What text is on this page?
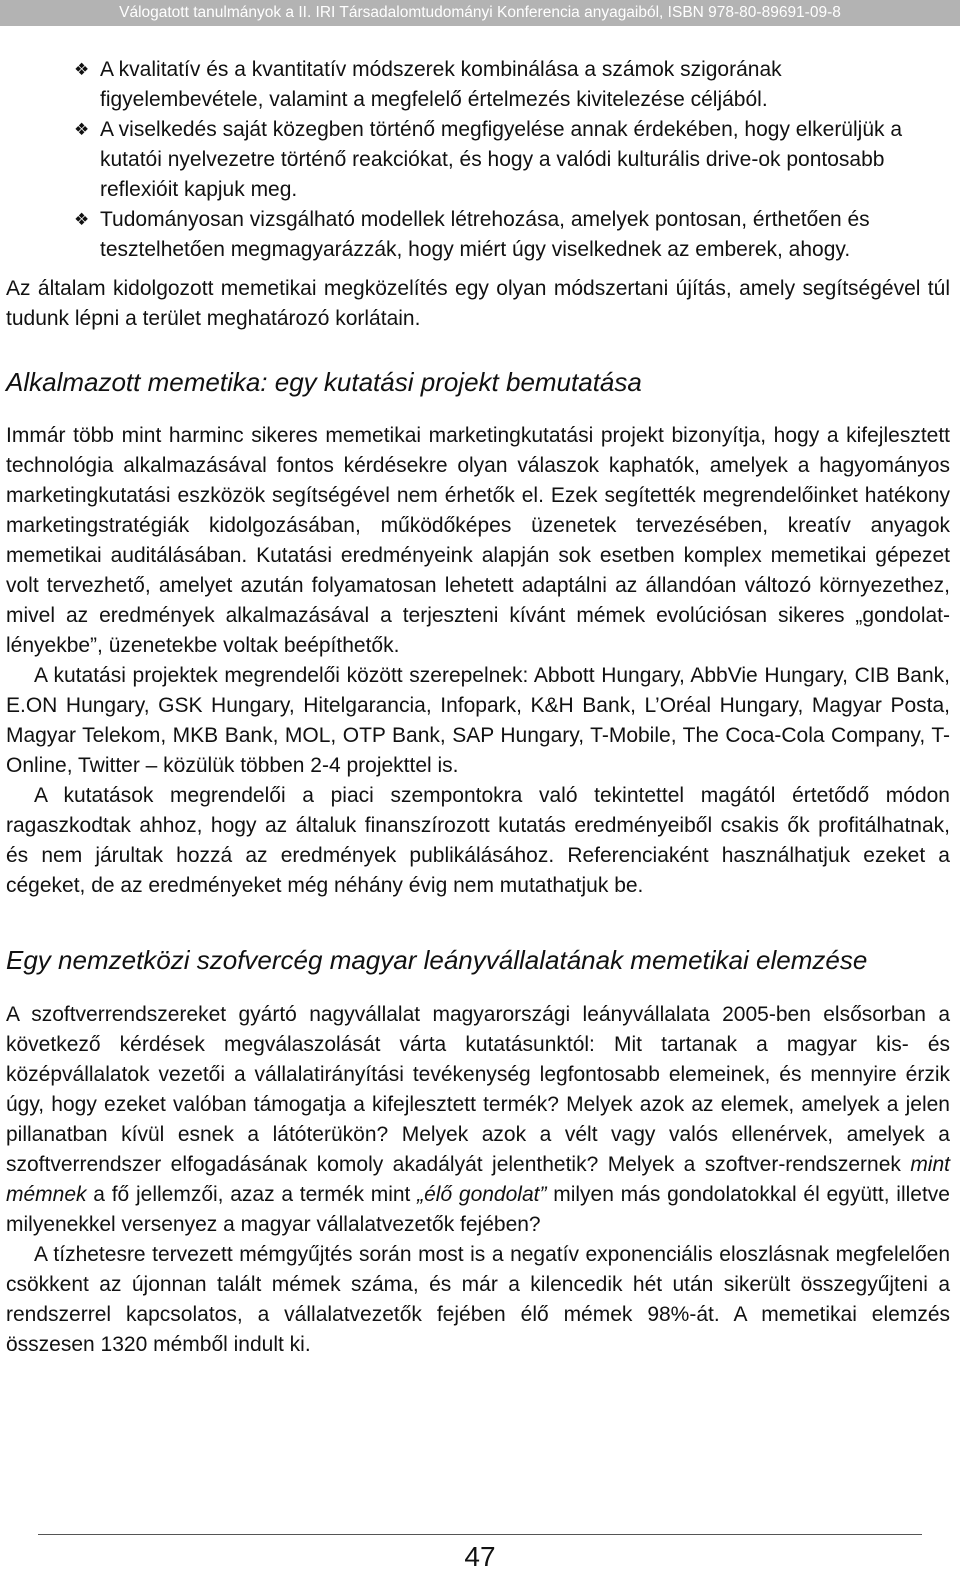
Válogatott tanulmányok a II. IRI Társadalomtudományi Konferencia anyagaiból, ISBN 978-80-89691-09-8
❖ A kvalitatív és a kvantitatív módszerek kombinálása a számok szigorának figyelembevétele, valamint a megfelelő értelmezés kivitelezése céljából.
❖ A viselkedés saját közegben történő megfigyelése annak érdekében, hogy elkerüljük a kutatói nyelvezetre történő reakciókat, és hogy a valódi kulturális drive-ok pontosabb reflexióit kapjuk meg.
❖ Tudományosan vizsgálható modellek létrehozása, amelyek pontosan, érthetően és tesztelhetően megmagyarázzák, hogy miért úgy viselkednek az emberek, ahogy.

Az általam kidolgozott memetikai megközelítés egy olyan módszertani újítás, amely segítségével túl tudunk lépni a terület meghatározó korlátain.

Alkalmazott memetika: egy kutatási projekt bemutatása

Immár több mint harminc sikeres memetikai marketingkutatási projekt bizonyítja, hogy a kifejlesztett technológia alkalmazásával fontos kérdésekre olyan válaszok kaphatók, amelyek a hagyományos marketingkutatási eszközök segítségével nem érhetők el. Ezek segítették megrendelőinket hatékony marketingstratégiák kidolgozásában, működőképes üzenetek tervezésében, kreatív anyagok memetikai auditálásában. Kutatási eredményeink alapján sok esetben komplex memetikai gépezet volt tervezhető, amelyet azután folyamatosan lehetett adaptálni az állandóan változó környezethez, mivel az eredmények alkalmazásával a terjeszteni kívánt mémek evolúciósan sikeres „gondolat-lényekbe”, üzenetekbe voltak beépíthetők.

A kutatási projektek megrendelői között szerepelnek: Abbott Hungary, AbbVie Hungary, CIB Bank, E.ON Hungary, GSK Hungary, Hitelgarancia, Infopark, K&H Bank, L’Oréal Hungary, Magyar Posta, Magyar Telekom, MKB Bank, MOL, OTP Bank, SAP Hungary, T-Mobile, The Coca-Cola Company, T-Online, Twitter – közülük többen 2-4 projekttel is.

A kutatások megrendelői a piaci szempontokra való tekintettel magától értetődő módon ragaszkodtak ahhoz, hogy az általuk finanszírozott kutatás eredményeiből csakis ők profitálhatnak, és nem járultak hozzá az eredmények publikálásához. Referenciaként használhatjuk ezeket a cégeket, de az eredményeket még néhány évig nem mutathatjuk be.

Egy nemzetközi szofvercég magyar leányvállalatának memetikai elemzése

A szoftverrendszereket gyártó nagyvállalat magyarországi leányvállalata 2005-ben elsősorban a következő kérdések megválaszolását várta kutatásunktól: Mit tartanak a magyar kis- és középvállalatok vezetői a vállalatirányítási tevékenység legfontosabb elemeinek, és mennyire érzik úgy, hogy ezeket valóban támogatja a kifejlesztett termék? Melyek azok az elemek, amelyek a jelen pillanatban kívül esnek a látóterükön? Melyek azok a vélt vagy valós ellenérvek, amelyek a szoftverrendszer elfogadásának komoly akadályát jelenthetik? Melyek a szoftver-rendszernek mint mémnek a fő jellemzői, azaz a termék mint „élő gondolat” milyen más gondolatokkal él együtt, illetve milyenekkel versenyez a magyar vállalatvezetők fejében?

A tízhetesre tervezett mémgyűjtés során most is a negatív exponenciális eloszlásnak megfelelően csökkent az újonnan talált mémek száma, és már a kilencedik hét után sikerült összegyűjteni a rendszerrel kapcsolatos, a vállalatvezetők fejében élő mémek 98%-át. A memetikai elemzés összesen 1320 mémből indult ki.

47
